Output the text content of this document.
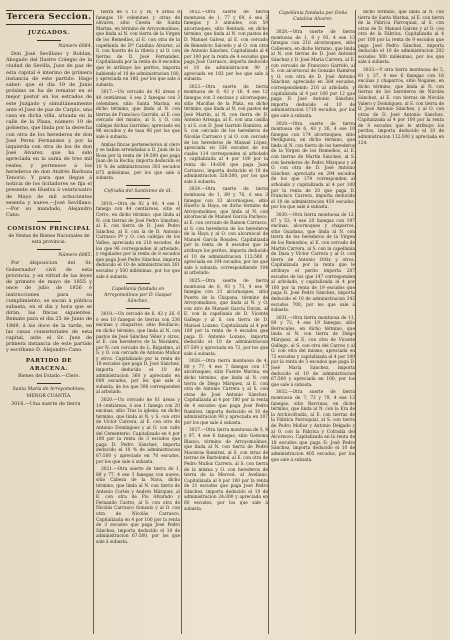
Tercera Seccion.
JUZGADOS.
Número 6064.

Don José Sevillano y Roldan, Abogado del Ilustre Colegio de la ciudad de Sevilla, Juez de paz de esta capital é interino de primera instancia de este partido. Hago saber: que el dia 19 de Junio próximo se ha de rematar en el mejor postor en los estrados de este Juzgado y simultáneamente ante el Juez de paz de Carpio, una casa en dicha villa, situada en la calle de la Plaza, número 19 de gobierno, que linda por la derecha con otra de los herederos de don José Perez Fernandez y por la izquierda con otra de los de don José Alvarez, que ha sido apreciada en la suma de tres mil reales, y pertenece á los herederos de don Andrés Barboza Tenorio. Y para que llegue á noticia de los licitadores se fija el presente en Huelva á veinticuatro de Mayo de mil ochocientos sesenta y nueve.—José Sevillano.—Por su mandado, Alejandro Cano.

COMISION PRINCIPAL
de Ventas de Bienes Nacionales de esta provincia.
Número 6065.

Por disposicion del Sr. Gobernador civil de esta provincia, y en virtud de las leyes de primero de mayo de 1855 y once de julio de 1856 é instrucciones para su cumplimiento, se sacan á pública subasta, en el dia y hora que se dirán, las fincas siguientes. Remate para el dia 25 de Junio de 1869, á las doce de la tarde, en las casas consistoriales de esta capital, ante el Sr. Juez de primera instancia de este partido y escribano D. Alejandro Cano.

PARTIDO DE ARACENA.
Bienes del Estado.—Clero.
Santa María de Arroyomolinos.
MENOR CUANTÍA.

3016.—Una suerte de tierra

tierra de 5 13 y 16, 4 áreas 8 fanegas 10 celemines y otras de olivares, sitio Cuesta de Santa Marina, en término de Arroyomolinos, que linda al N. con tierra de la Virgen de los Remedios, al E. con otra de la capellanía de Dª Catalina Alvarez, al S. con huerta de la ribera y al O. con tierras de D. José Fernandez. Capitalizada por la renta de 8 escudos que le atribuye los peritos, importa habiendo el 10 de administracion 180, y apreciada en 180, por los que sale á subasta.

3017.—Un cercado de 42 áreas y 40 centiáreas, ó sea 2 fanegas con 3 celemines, sitio Santa Marina, en dicho término, que linda al N. con tierras de Francisco Garrido, al E. con cercado del mismo, al S. y O. con callejas dichas Garridas; apreciado en 96 escudos y de tasa 96 por los que sale á subasta.

Ambas fincas pertenecieron al clero y se hallan arrendadas a D. Juan de la Rosa por la renta de 19:500 que paga Juan de la Rocha; importa deducido el 10 % de administracion 303 escudos 875 milésimas, por los que sale á subasta.

Cofradía del Santísimo de íd.

3018.—Otra de 92 á 40, 4 ese 1 fanega con 44 centiáreas, sitio el Cerro, en dicho término, que linda al N. con tierras de José Pedro Sánchez, al E. con tierra de D. José Pedro Sánchez, al S. con la de D. Antonio Carrasco Pº y O. con callejas de los Valles; apreciada en 218 escudos, de los que 96 corresponden al arbolado, y regulados por la renta de 8 escudos que paga José Pedro Sánchez, importa deducido el 10 de administracion 261 escudos y 500 milésimas, por los que sale á subasta.

Capellanía fundada en Arroyomolinos por D. Gaspar Sánchez.

3019.—Un cercado de 6, 43 y 26, 6 ó sea 10 fanegas de tierras con 236 encinas y chaparros, sitio Boullacio, en dicho término, que linda al N. con pastos de José Sánchez Vélez y otros, al E. con herederos de la Moralera, por N. con cercado de L. Riquelmo, al S. y O. con cercado de Antonio Muñoz y otros. Capitalizado por la renta de 18 escudos que paga D. José Sánchez, importa deducido el 10 de administracion 360 y apreciado en 600 escudos, por los que sale á subasta, de los que 396 corresponden al arbolado.

3020.—Un cercado de 61 áreas y 14 centiáreas, ó sea 1 fanega con 20 encinas, sitio Tras la iglesia, en dicho término, que linda al N. y S. con otro de Víctor Carrera, al E. con otro de Antonio Domínguez y al O. con calle del Cementerio. Capitalizado en 4 por 100 por la renta de 3 escudos que paga D. Pedro Sánchez, importa deducido el 10 % de administracion 67:500 y apreciado en 70 escudos, por los que sale á subasta.

3021.—Otra suerte de tierra de 1, 89 y 77, 4 ese 3 fanegas con nueve, sitio Cabeza de la Nava, dicho término, que linda al N. con tierra de Antonio Cortés y Andrés Márquez, al E. con otra de Pio Alvarado y Fernando Castro, al S. con otra de Nicolás Carrasco Gonzalo y al O. con otra de Nicolás Carrasco. Capitalizada en 4 por 100 por la renta de 3 escudos que paga José Pedro Sánchez, importa deducido el 10 de administracion 67:500, por los que sale á subasta.

3022.—Otra suerte de tierra montuosa de 1, 77 y 69, ó sea 3 fanegas y 3 almudes, con 59 alcornoques, sitio Rentado, en dicho término, que linda al N. con pastos de D. Manuel Galvez, al E. con cercado de Benedicto Salcedo y al O. con otra de Antonio Sánchez. Capitalizada al 4 por 100 por la renta de 4 escudos que paga José Carrasco, importa deducido el 10 de administracion 90 y apreciada en 183 por los que sale á subasta.

3023.—Otra suerte de tierra montuosa de 6, 43 y 16, 4 ese 12 fanegas con 3 encinas y alcornoques, sitio Maciñas de la Plata, en dicho término, que linda al N. con pastos de José Martin, al N. con tierra de D. Antonio Arteaga, al E. con una casilla y al S. con D. José Garrido Ramírez, al S. con cercado de los herederos de Nicolás Carrasco y al O. con cercado de los herederos de Manuel López; apreciada en 336 escudos de los cuales 114 corresponden al arbolado y capitalizada al 4 por 100 por la renta de 14:600 que paga Juan Carrasco, importa deducido el 10 de administracion 328:500, por los que sale á subasta.

3024.—Otra suerte de tierra montuosa de 1, 89 y 76, ó sea 3 fanegas con 33 alcornoques, sitio Huerto la Haya, en dicho término de Arroyomolinos, que linda al N. con alcornocal de Manuel García Pacheco, al E. con cercado de Ramon Carrasco, al S. con herederos de los herederos de la Haya y al O. con alcornocal de Manuel García Rosales. Capitalizada por la renta de 8 escudos que le atribuye los peritos, importa deducido el 10 de administracion 112:500 y apreciada en 104 escudos, por los que sale á subasta, correspondiendo 104 al arbolado.

3025.—Otra suerte de tierra montuosa de 6, 93 y 73, 4 ese 9 fanegas con 21 alcornoques, sitio Puerto de la Chapona, término de Arroyomolinos, que linda al N. y O. con otro de Manuel García Duran, al E. con la capellanía de D. Vicente Gallego y al S. con tierra de D. Manuel Lozano. Capitalizada al 4 por 100 por la renta de 4 escudos que paga D. Antonio Lozano, importa deducido el 10 de administracion 67:500 y apreciada en 72, por los que sale á subasta.

3026.—Otra tierra montuosa de 4, 80 y 77, 4 ese 7 fanegas con 17 alcornoques, sitio Fuente Marina, en dicho término, que linda al N. con tierra de Diego Márquez, al E. con otra de Antonio Carrera y al S. con otras de José Antonio Sánchez. Capitalizada al 4 por 100 por la renta de 4 escudos que paga José Pedro Ramírez, importa deducido el 10 de administracion 90 y apreciada en 107 por los que sale á subasta.

3027.—Otra tierra montuosa de 3, 8 y 97, 4 ese 6 fanegas, sitio Gomona Blanco, término de Arroyomolinos, que linda al N. con tierra de Pedro Maceiras Ramírez, al S. con otras de tierras de Bartolomé, al E. con otra de Pedro Muñoz Carrera, al S. con tierra de la misma y O. con herederos de tierra de la Merced, al Avellano. Capitalizada al 4 por 100 por la renta de 21 escudos que paga José Pedro Sánchez, importa deducido el 10 de administracion 24:300 y apreciada en 60 escudos, por los que sale á subasta.

Capellanía fundada por Doña Catalina Alvarez.

3028.—Otra suerte de tierra montuosa de 1, 8 y 93, 4 ese 13 fanegas con 216 alcornoques, sitio Callevera, en dicho término, que linda al N. con tierras de D. José Antonio Sánchez y D. José María Carrera, al E. con cercado de Francisco Garrido, al S. con alcornocal de Gonzalo Ramírez y O. con otra de D. José Antonio Sánchez; apreciada en 384 escudos, correspondiendo 216 al arbolado, y capitalizada al 4 por 100 por 12 que paga D. José Antonio Sánchez, importa deducido el 10 de administracion 1710 escudos, por los que sale á subasta.

3029.—Otra suerte de tierra montuosa de 6, 43 y 26, 4 ese 10 fanegas con 174 alcornoques, sitio Perdiguera, en dicho término, que linda al N. con tierra de los herederos de la Virgen de los Remedios, al E. con tierras de Martín Sánchez, al S. con herederos de Pedro Márquez y al O. con otra de D. José Antonio Sánchez; apreciada en 294 escudos de los que 174 corresponden al arbolado y capitalizada al 4 por 100 por la renta de 20 que paga D. Francisco Carrera, importa deducido el 10 de administracion 450 escudos, por los que sale á subasta.

3030.—Otra tierra montuosa de 12, 87 y 53, 4 ese 20 fanegas con 197 encinas, alcornoques y chaparros, sitio Guadana, que linda al N. con tierra de los herederos de la Virgen de los Remedios, al E. con cercado de Martin Carrera, al S. con la capellanía de Daza y Víctor Carrera y al O. con tierra de Antonio Ortiz y otros. Capitalizada por la renta que le atribuye el perito importa 287 escudos de los que 147 corresponden al arbolado, y capitalizada al 4 por 100 por la renta de 19 escudos que paga D. José Pedro Sánchez, importa deducido el 10 de administracion 242 escudos 700, por los que sale á subasta.

3031.—Otra tierra montuosa de 11, 89 y 72, 4 ese 19 fanegas, sitio Berrocales, en dicho término, que linda al N. con tierra de Diego Márquez, al E. con otra de Vicente Gallego, al S. con otra del Carreo y al O. con otra del mismo; apreciada en 72 escudos y capitalizada al 4 por 100 por la renta de 3 escudos que paga D. José María Sánchez, importa deducido el 10 de administracion 67:500 y apreciada en 100, por los que sale á subasta.

3032.—Otra suerte de tierra montuosa de 7, 72 y 79, 4 ese 12 fanegas, sitio Barcinas, en dicho término, que linda al N. con la Era de la Archicofradía, al E. con tierras de la Fábrica Parroquial, al S. con tierra de Pedro Muñoz y Antonio Delgado y al O. con la Fábrica y Cofradía del Alcornoco. Capitalizada en la renta de 18 escudos que paga D. José Pedro Sánchez, importa deducido el 10 de administracion 405 escudos, por los que sale á subasta.

dicho término, que linda al N. con tierra de Santa Marina, al E. con tierra de la Fábrica Parroquial, al S. con otras de D. Manuel Galvez y al O. con otra de la Fábrica. Capitalizada al 4 por 100 por la renta de 9 escudos que paga José Pedro Sánchez, importa deducido el 10 de administracion 202 escudos 500 milésimas, por los que sale á subasta.

3033.—Y otra tierra montuosa de 3, 81 y 37, 4 ese 6 fanegas con 16 encinas y chaparros, sitio Nogales, en dicho término, que linda al N. con tierras de los herederos de Nicolás Sánchez, al E. con tierras de Nicolás Valero y Domínguez, al S. con tierra de D. José Antonio Sánchez, y al O. con otras de D. José Antonio Sánchez. Capitalizada al 4 por 100 por la renta de 8 escudos que le atribuye los peritos, importa deducido el 10 de administracion 112:500 y apreciada en 124.
